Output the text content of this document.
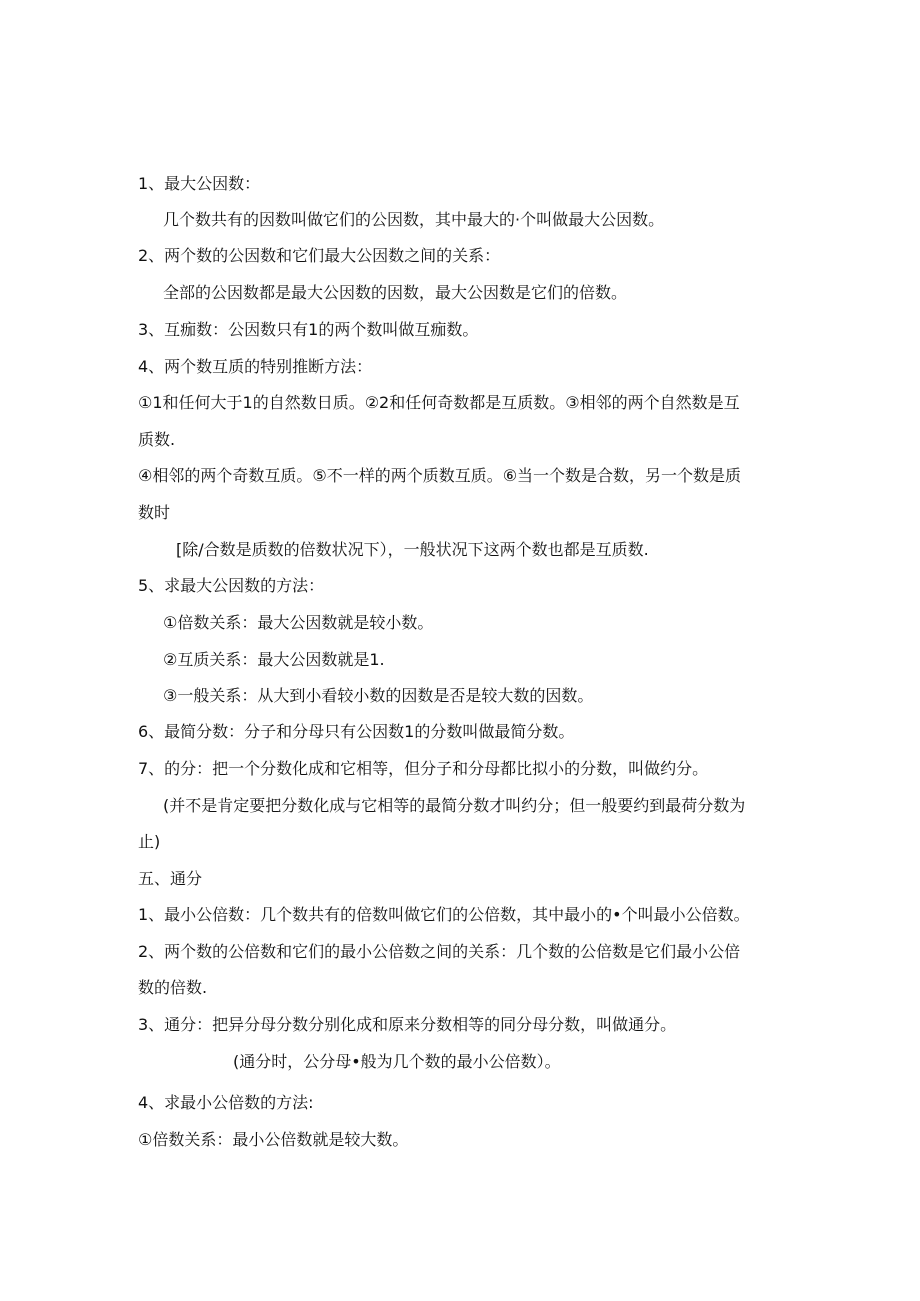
1、最大公因数：
几个数共有的因数叫做它们的公因数，其中最大的·个叫做最大公因数。
2、两个数的公因数和它们最大公因数之间的关系：
全部的公因数都是最大公因数的因数，最大公因数是它们的倍数。
3、互痂数：公因数只有1的两个数叫做互痂数。
4、两个数互质的特别推断方法：
①1和任何大于1的自然数日质。②2和任何奇数都是互质数。③相邻的两个自然数是互
质数.
④相邻的两个奇数互质。⑤不一样的两个质数互质。⑥当一个数是合数，另一个数是质
数时
[除/合数是质数的倍数状况下），一般状况下这两个数也都是互质数.
5、求最大公因数的方法：
①倍数关系：最大公因数就是较小数。
②互质关系：最大公因数就是1.
③一般关系：从大到小看较小数的因数是否是较大数的因数。
6、最简分数：分子和分母只有公因数1的分数叫做最简分数。
7、的分：把一个分数化成和它相等，但分子和分母都比拟小的分数，叫做约分。
(并不是肯定要把分数化成与它相等的最简分数才叫约分；但一般要约到最荷分数为
止)
五、通分
1、最小公倍数：几个数共有的倍数叫做它们的公倍数，其中最小的•个叫最小公倍数。
2、两个数的公倍数和它们的最小公倍数之间的关系：几个数的公倍数是它们最小公倍
数的倍数.
3、通分：把异分母分数分别化成和原来分数相等的同分母分数，叫做通分。
(通分时，公分母•般为几个数的最小公倍数）。
4、求最小公倍数的方法:
①倍数关系：最小公倍数就是较大数。
